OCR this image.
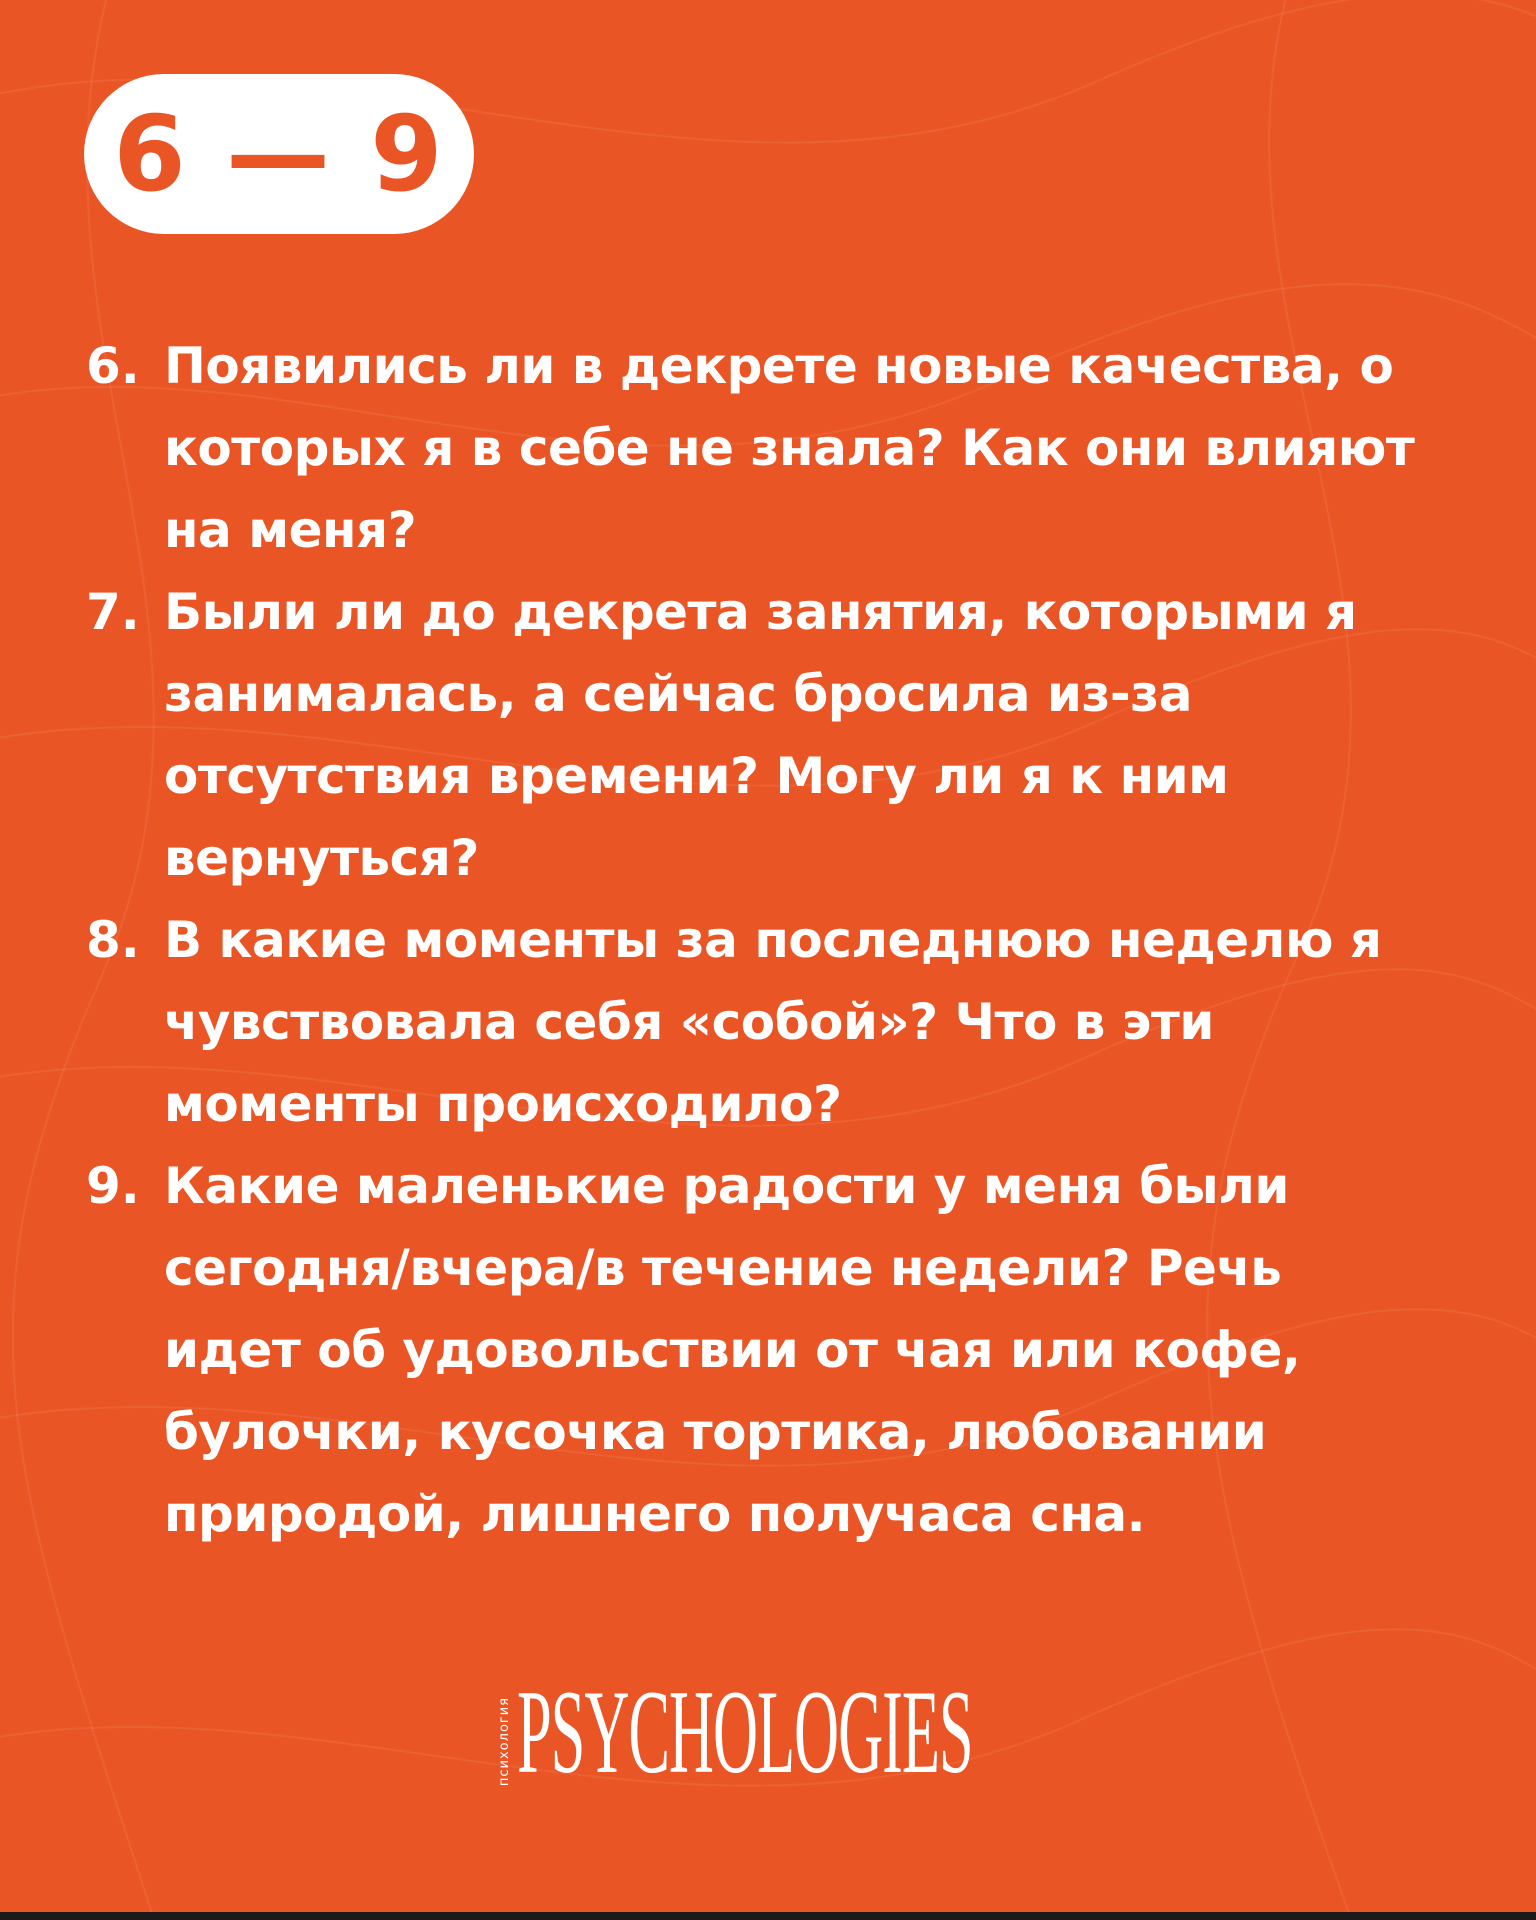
6 — 9
6. Появились ли в декрете новые качества, о
которых я в себе не знала? Как они влияют
на меня?
7. Были ли до декрета занятия, которыми я
занималась, а сейчас бросила из-за
отсутствия времени? Могу ли я к ним
вернуться?
8. В какие моменты за последнюю неделю я
чувствовала себя «собой»? Что в эти
моменты происходило?
9. Какие маленькие радости у меня были
сегодня/вчера/в течение недели? Речь
идет об удовольствии от чая или кофе,
булочки, кусочка тортика, любовании
природой, лишнего получаса сна.
психология PSYCHOLOGIES
